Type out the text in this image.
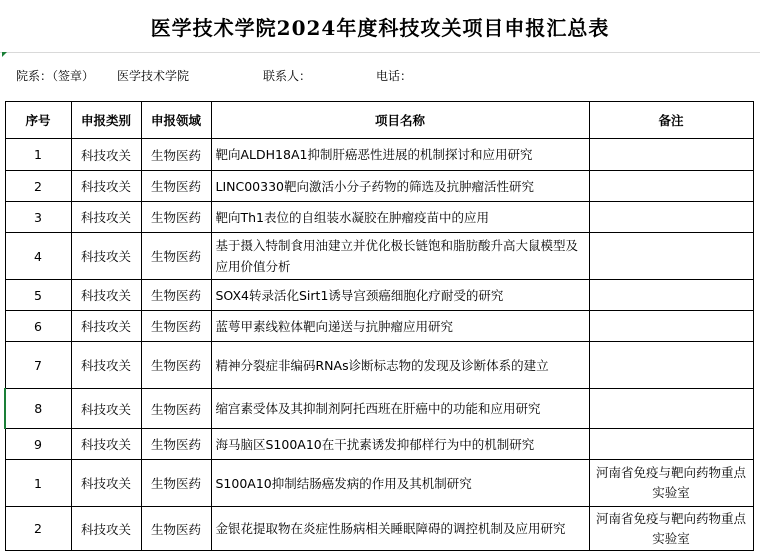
医学技术学院2024年度科技攻关项目申报汇总表
院系：（签章） 医学技术学院	联系人：	电话：
序号	申报类别	申报领域	项目名称	备注
1	科技攻关	生物医药	靶向ALDH18A1抑制肝癌恶性进展的机制探讨和应用研究	
2	科技攻关	生物医药	LINC00330靶向激活小分子药物的筛选及抗肿瘤活性研究	
3	科技攻关	生物医药	靶向Th1表位的自组装水凝胶在肿瘤疫苗中的应用	
4	科技攻关	生物医药	基于摄入特制食用油建立并优化极长链饱和脂肪酸升高大鼠模型及应用价值分析	
5	科技攻关	生物医药	SOX4转录活化Sirt1诱导宫颈癌细胞化疗耐受的研究	
6	科技攻关	生物医药	蓝萼甲素线粒体靶向递送与抗肿瘤应用研究	
7	科技攻关	生物医药	精神分裂症非编码RNAs诊断标志物的发现及诊断体系的建立	
8	科技攻关	生物医药	缩宫素受体及其抑制剂阿托西班在肝癌中的功能和应用研究	
9	科技攻关	生物医药	海马脑区S100A10在干扰素诱发抑郁样行为中的机制研究	
1	科技攻关	生物医药	S100A10抑制结肠癌发病的作用及其机制研究	河南省免疫与靶向药物重点实验室
2	科技攻关	生物医药	金银花提取物在炎症性肠病相关睡眠障碍的调控机制及应用研究	河南省免疫与靶向药物重点实验室
